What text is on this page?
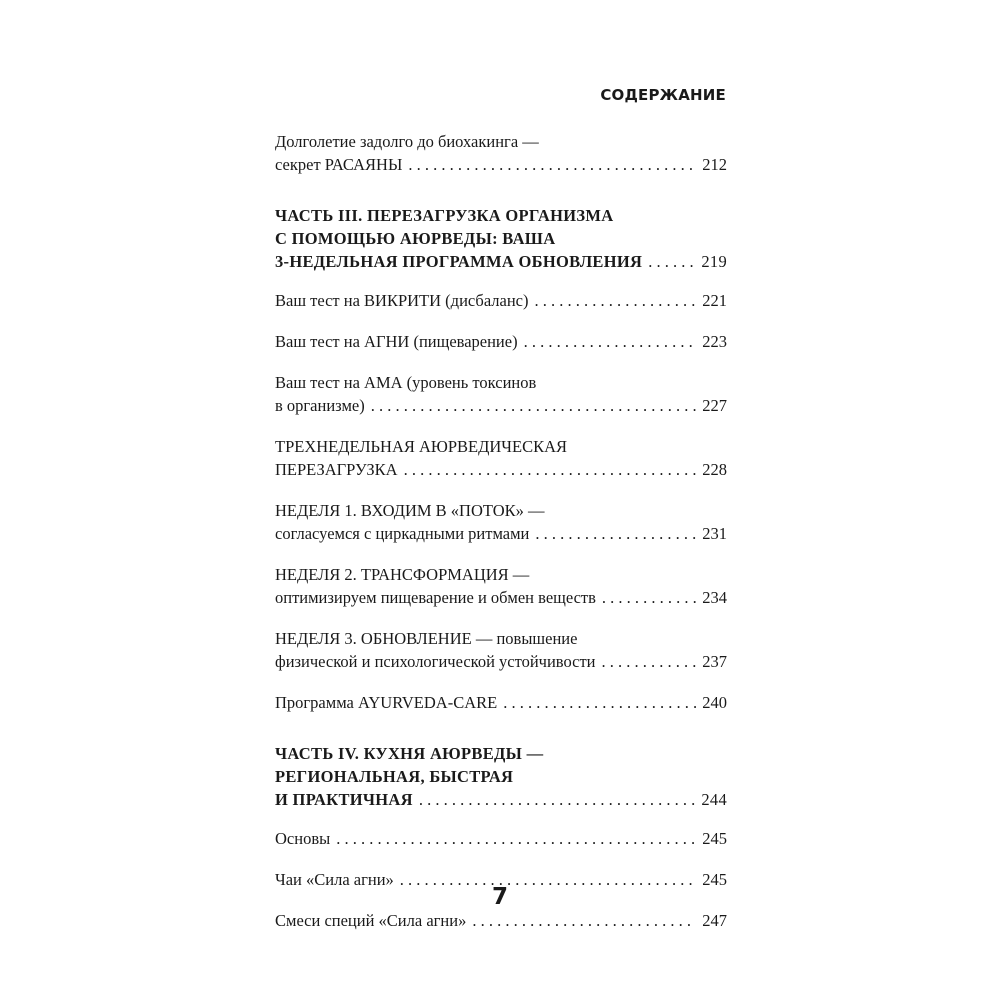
СОДЕРЖАНИЕ
Долголетие задолго до биохакинга —
секрет РАСАЯНЫ . . .	212
ЧАСТЬ III. ПЕРЕЗАГРУЗКА ОРГАНИЗМА
С ПОМОЩЬЮ АЮРВЕДЫ: ВАША
3-НЕДЕЛЬНАЯ ПРОГРАММА ОБНОВЛЕНИЯ . . .	219
Ваш тест на ВИКРИТИ (дисбаланс) . . .	221
Ваш тест на АГНИ (пищеварение) . . .	223
Ваш тест на АМА (уровень токсинов
в организме) . . .	227
ТРЕХНЕДЕЛЬНАЯ АЮРВЕДИЧЕСКАЯ
ПЕРЕЗАГРУЗКА . . .	228
НЕДЕЛЯ 1. ВХОДИМ В «ПОТОК» —
согласуемся с циркадными ритмами . . .	231
НЕДЕЛЯ 2. ТРАНСФОРМАЦИЯ —
оптимизируем пищеварение и обмен веществ . . .	234
НЕДЕЛЯ 3. ОБНОВЛЕНИЕ — повышение
физической и психологической устойчивости . . .	237
Программа AYURVEDA-CARE . . .	240
ЧАСТЬ IV. КУХНЯ АЮРВЕДЫ —
РЕГИОНАЛЬНАЯ, БЫСТРАЯ
И ПРАКТИЧНАЯ . . .	244
Основы . . .	245
Чаи «Сила агни» . . .	245
Смеси специй «Сила агни» . . .	247
7
